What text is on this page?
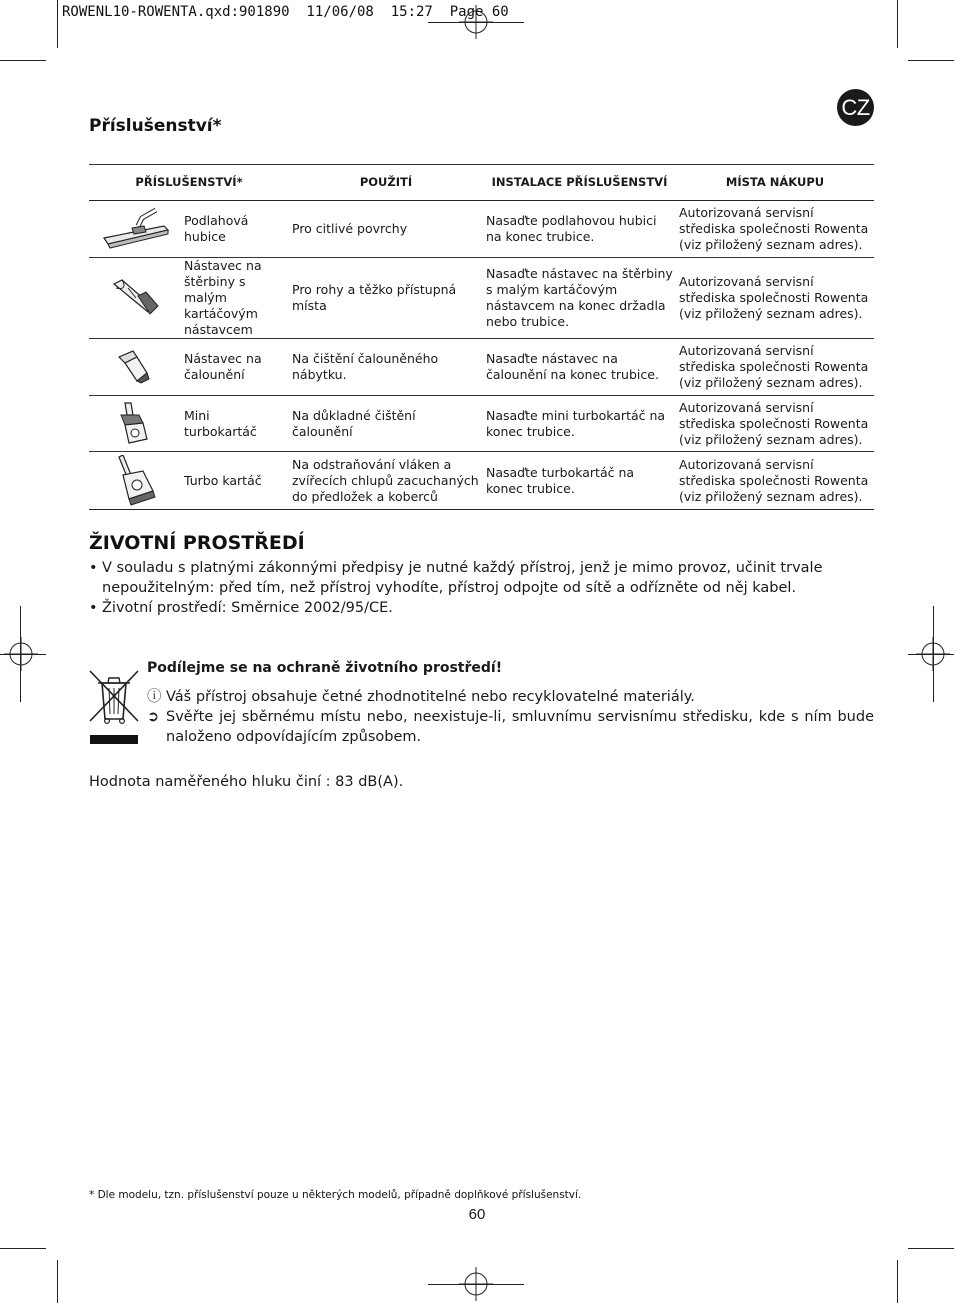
ROWENL10-ROWENTA.qxd:901890  11/06/08  15:27  Page 60
CZ
Příslušenství*
PŘÍSLUŠENSTVÍ*		POUŽITÍ	INSTALACE PŘÍSLUŠENSTVÍ	MÍSTA NÁKUPU

	Podlahová hubice	Pro citlivé povrchy	Nasaďte podlahovou hubici na konec trubice.	Autorizovaná servisní střediska společnosti Rowenta (viz přiložený seznam adres).

	Nástavec na štěrbiny s malým kartáčovým nástavcem	Pro rohy a těžko přístupná místa	Nasaďte nástavec na štěrbiny s malým kartáčovým nástavcem na konec držadla nebo trubice.	Autorizovaná servisní střediska společnosti Rowenta (viz přiložený seznam adres).

	Nástavec na čalounění	Na čištění čalouněného nábytku.	Nasaďte nástavec na čalounění na konec trubice.	Autorizovaná servisní střediska společnosti Rowenta (viz přiložený seznam adres).

	Mini turbokartáč	Na důkladné čištění čalounění	Nasaďte mini turbokartáč na konec trubice.	Autorizovaná servisní střediska společnosti Rowenta (viz přiložený seznam adres).

	Turbo kartáč	Na odstraňování vláken a zvířecích chlupů zacuchaných do předložek a koberců	Nasaďte turbokartáč na konec trubice.	Autorizovaná servisní střediska společnosti Rowenta (viz přiložený seznam adres).
ŽIVOTNÍ PROSTŘEDÍ
• V souladu s platnými zákonnými předpisy je nutné každý přístroj, jenž je mimo provoz, učinit trvale nepoužitelným: před tím, než přístroj vyhodíte, přístroj odpojte od sítě a odřízněte od něj kabel.
• Životní prostředí: Směrnice 2002/95/CE.
Podílejme se na ochraně životního prostředí!
ⓘ Váš přístroj obsahuje četné zhodnotitelné nebo recyklovatelné materiály.
➲ Svěřte jej sběrnému místu nebo, neexistuje-li, smluvnímu servisnímu středisku, kde s ním bude naloženo odpovídajícím způsobem.
Hodnota naměřeného hluku činí : 83 dB(A).
* Dle modelu, tzn. příslušenství pouze u některých modelů, případně doplňkové příslušenství.
60
